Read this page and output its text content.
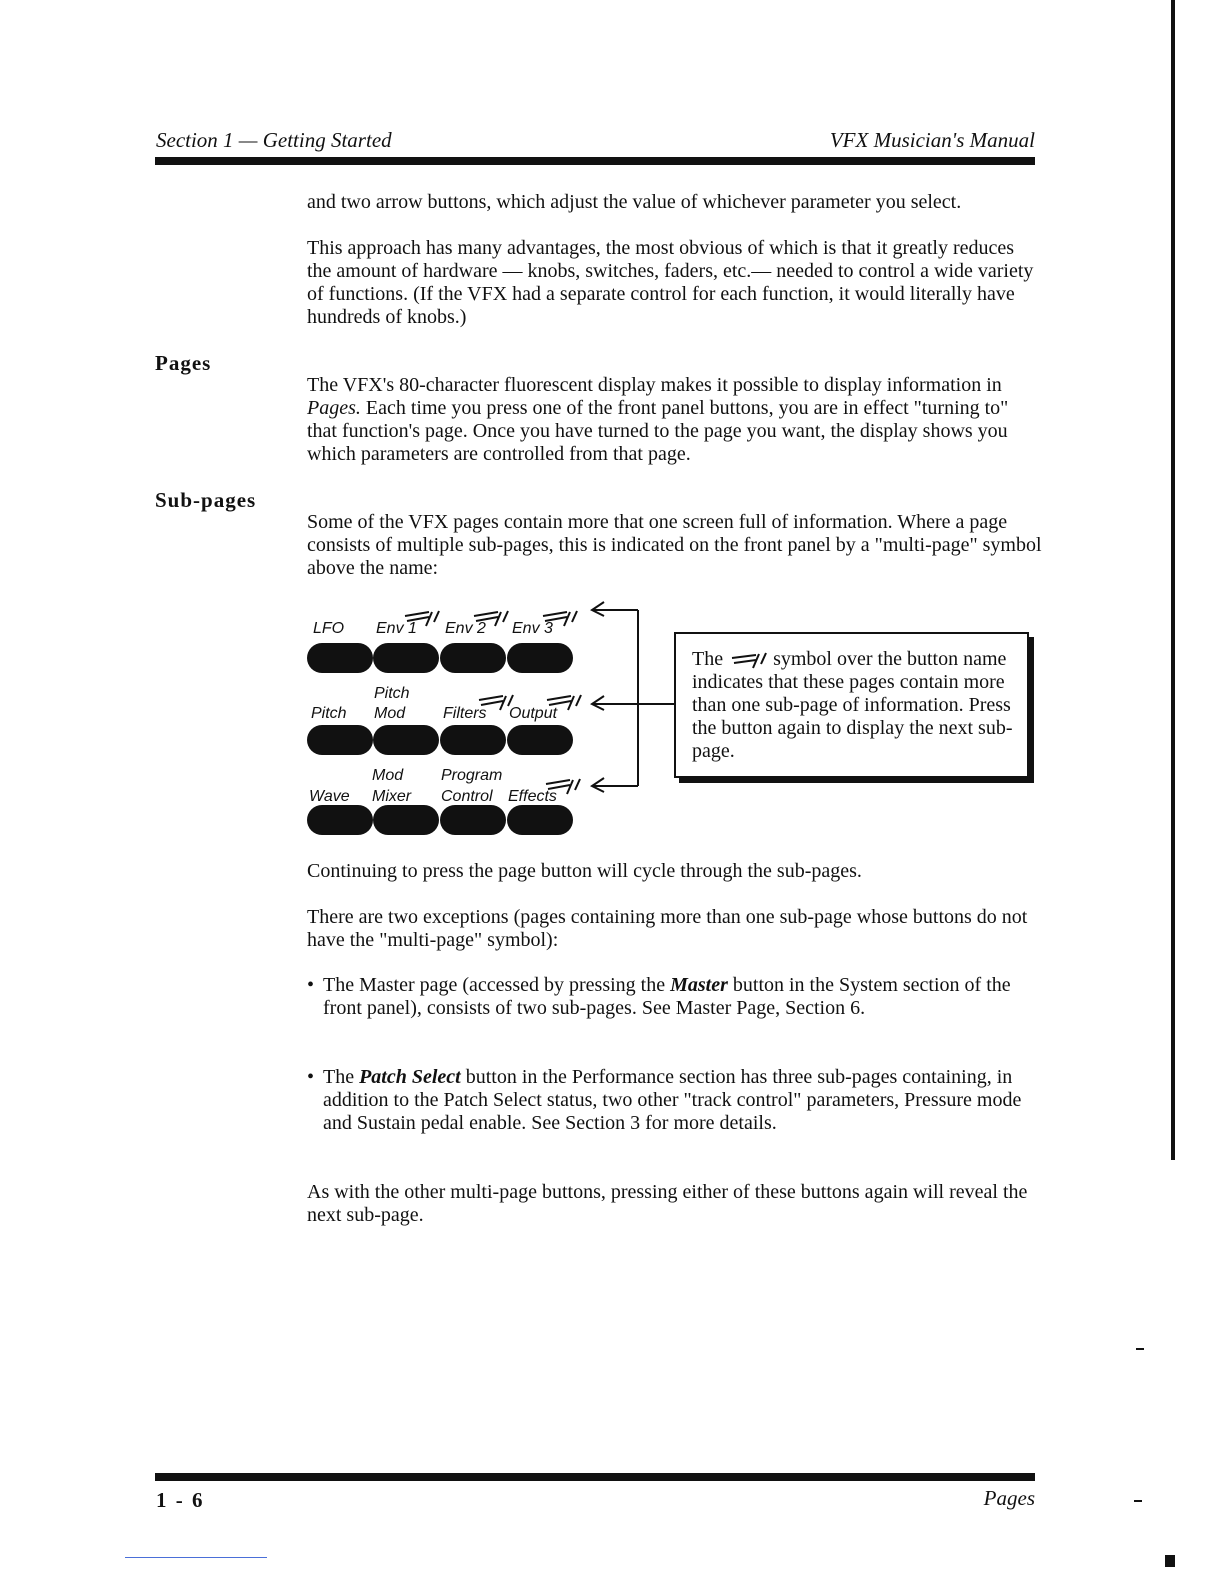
Section 1 — Getting Started	VFX Musician's Manual
and two arrow buttons, which adjust the value of whichever parameter you select.
This approach has many advantages, the most obvious of which is that it greatly reduces the amount of hardware — knobs, switches, faders, etc.— needed to control a wide variety of functions. (If the VFX had a separate control for each function, it would literally have hundreds of knobs.)
Pages
The VFX's 80-character fluorescent display makes it possible to display information in Pages. Each time you press one of the front panel buttons, you are in effect "turning to" that function's page. Once you have turned to the page you want, the display shows you which parameters are controlled from that page.
Sub-pages
Some of the VFX pages contain more that one screen full of information. Where a page consists of multiple sub-pages, this is indicated on the front panel by a "multi-page" symbol above the name:
LFO Env 1 Env 2 Env 3
Pitch
Pitch Mod Filters Output
Mod Program
Wave Mixer Control Effects
The  symbol over the button name indicates that these pages contain more than one sub-page of information. Press the button again to display the next sub-page.
Continuing to press the page button will cycle through the sub-pages.
There are two exceptions (pages containing more than one sub-page whose buttons do not have the "multi-page" symbol):
• The Master page (accessed by pressing the Master button in the System section of the front panel), consists of two sub-pages. See Master Page, Section 6.
• The Patch Select button in the Performance section has three sub-pages containing, in addition to the Patch Select status, two other "track control" parameters, Pressure mode and Sustain pedal enable. See Section 3 for more details.
As with the other multi-page buttons, pressing either of these buttons again will reveal the next sub-page.
1 - 6	Pages
